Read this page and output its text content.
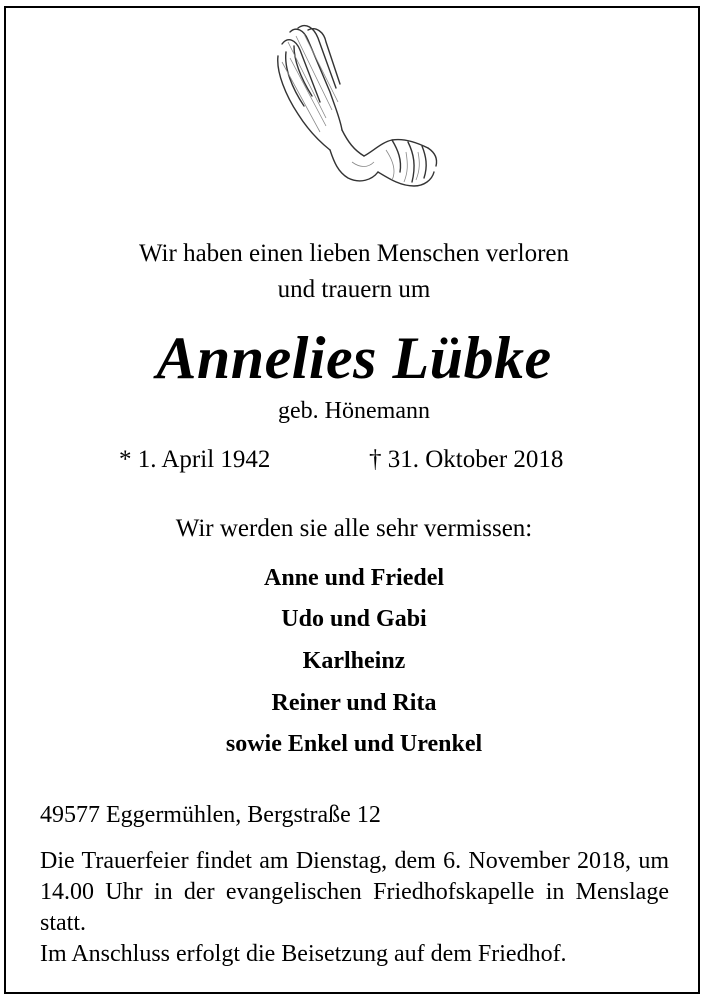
Wir haben einen lieben Menschen verloren
und trauern um
Annelies Lübke
geb. Hönemann
* 1. April 1942	† 31. Oktober 2018
Wir werden sie alle sehr vermissen:
Anne und Friedel
Udo und Gabi
Karlheinz
Reiner und Rita
sowie Enkel und Urenkel
49577 Eggermühlen, Bergstraße 12

Die Trauerfeier findet am Dienstag, dem 6. November 2018, um 14.00 Uhr in der evangelischen Friedhofskapelle in Menslage statt.

Im Anschluss erfolgt die Beisetzung auf dem Friedhof.
